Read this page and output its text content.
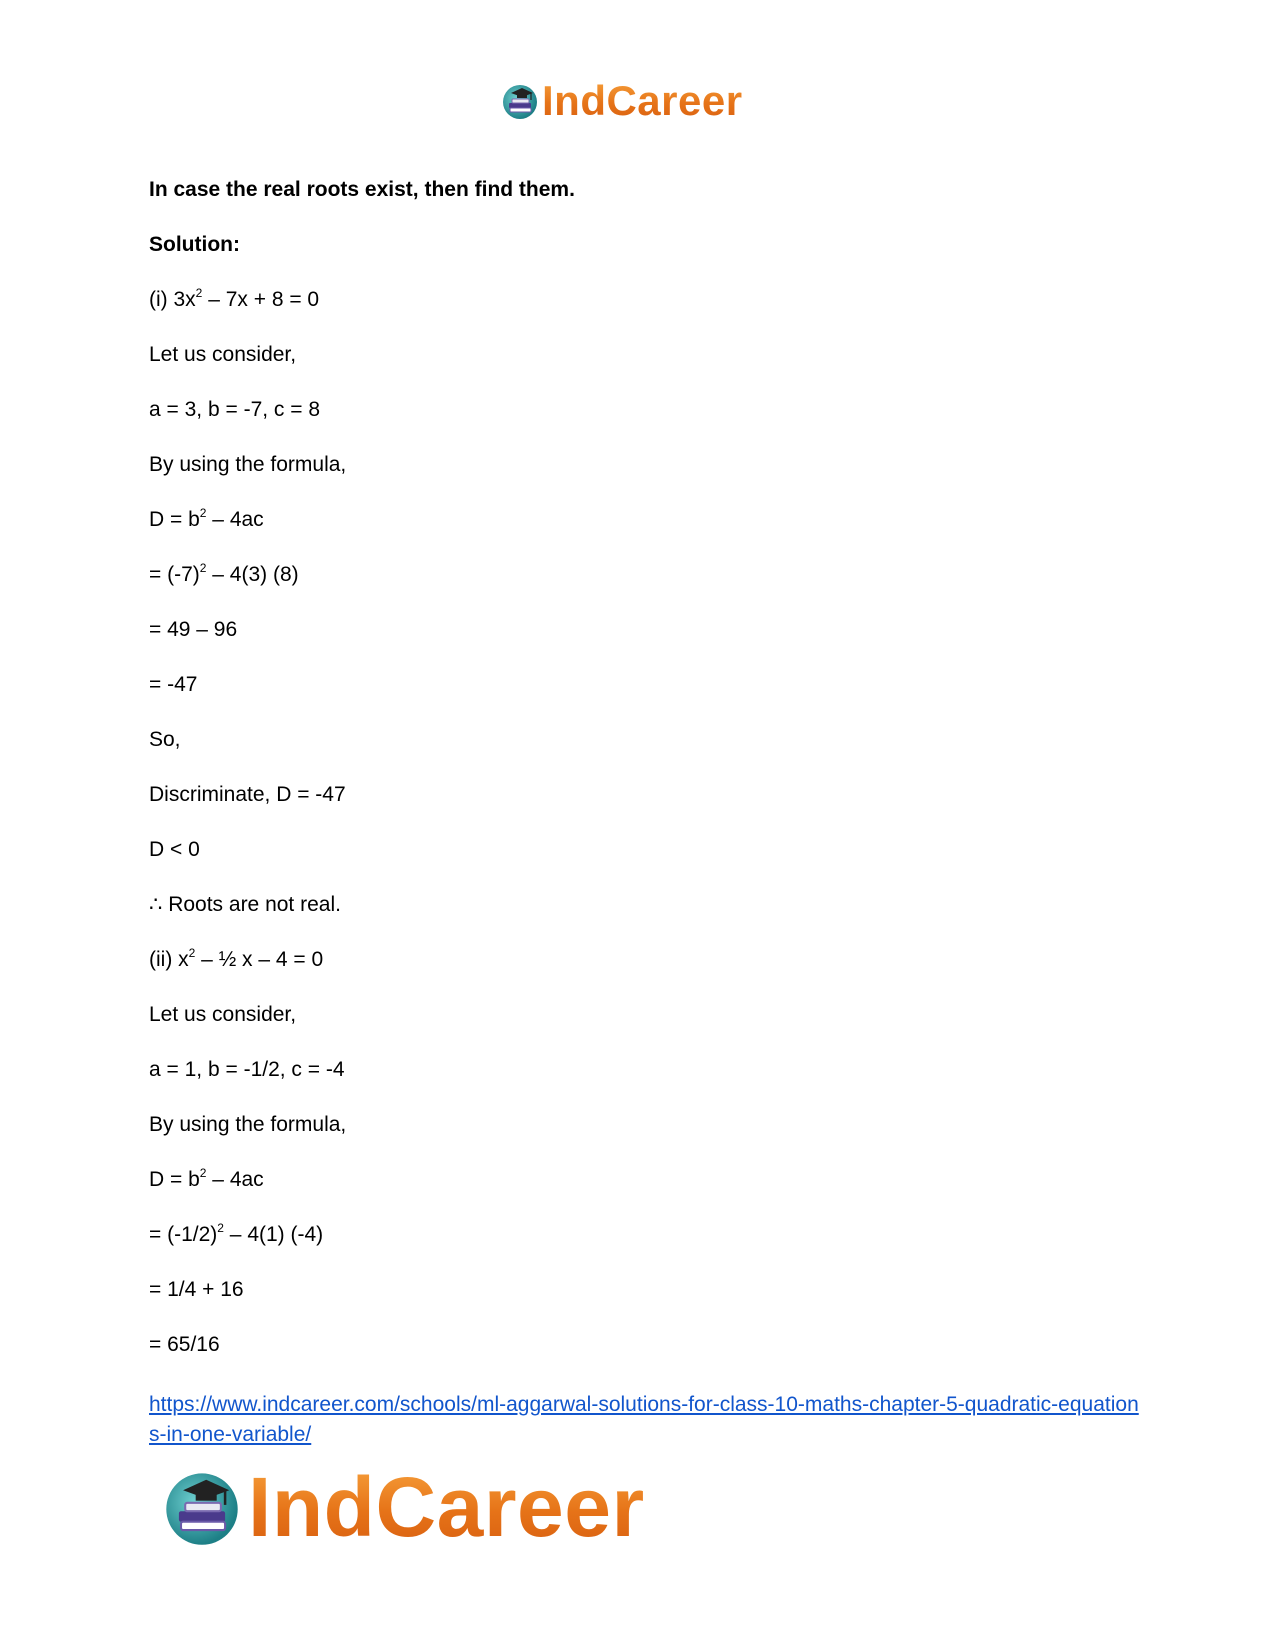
IndCareer
In case the real roots exist, then find them.
Solution:
(i) $3x^2 - 7x + 8 = 0$
Let us consider,
a = 3, b = -7, c = 8
By using the formula,
$D = b^2 - 4ac$
= $(-7)^2 - 4(3)$ (8)
= 49 – 96
= -47
So,
Discriminate, D = -47
D < 0
∴ Roots are not real.
(ii) $x^2$ – ½ x – 4 = 0
Let us consider,
a = 1, b = -1/2, c = -4
By using the formula,
$D = b^2 - 4ac$
= $(-1/2)^2 - 4(1)$ (-4)
= 1/4 + 16
= 65/16
https://www.indcareer.com/schools/ml-aggarwal-solutions-for-class-10-maths-chapter-5-quadratic-equations-in-one-variable/
IndCareer
